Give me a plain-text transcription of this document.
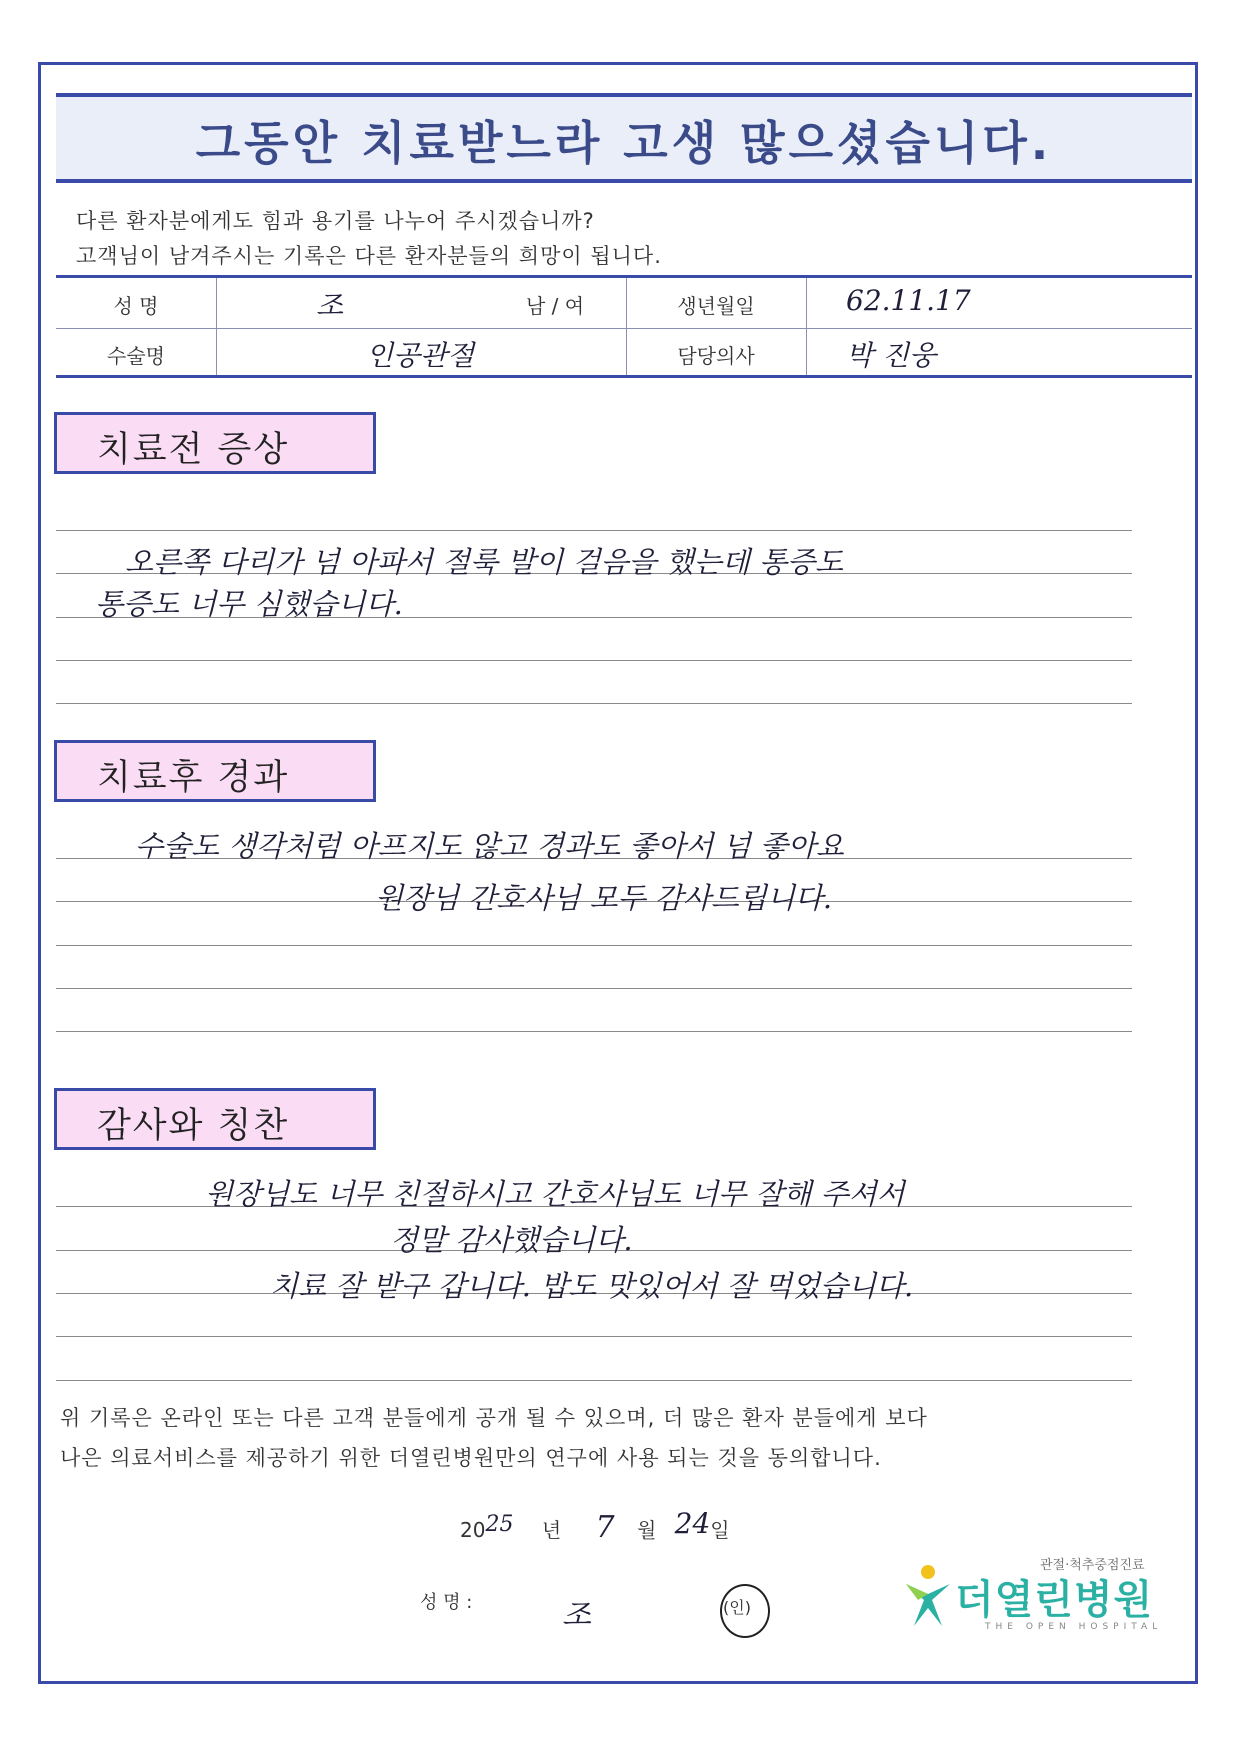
그동안 치료받느라 고생 많으셨습니다.
다른 환자분에게도 힘과 용기를 나누어 주시겠습니까?
고객님이 남겨주시는 기록은 다른 환자분들의 희망이 됩니다.
성 명	조	남 / 여	생년월일	62.11.17
수술명	인공관절	담당의사	박 진웅
치료전 증상
오른쪽 다리가 넘 아파서 절룩 발이 걸음을 했는데 통증도
통증도 너무 심했습니다.
치료후 경과
수술도 생각처럼 아프지도 않고 경과도 좋아서 넘 좋아요
원장님 간호사님 모두 감사드립니다.
감사와 칭찬
원장님도 너무 친절하시고 간호사님도 너무 잘해 주셔서
정말 감사했습니다.
치료 잘 받구 갑니다. 밥도 맛있어서 잘 먹었습니다.
위 기록은 온라인 또는 다른 고객 분들에게 공개 될 수 있으며, 더 많은 환자 분들에게 보다
나은 의료서비스를 제공하기 위한 더열린병원만의 연구에 사용 되는 것을 동의합니다.
2025 년 7 월 24일
성 명 :	조	(인)
관절·척추중점진료
더열린병원
THE OPEN HOSPITAL
